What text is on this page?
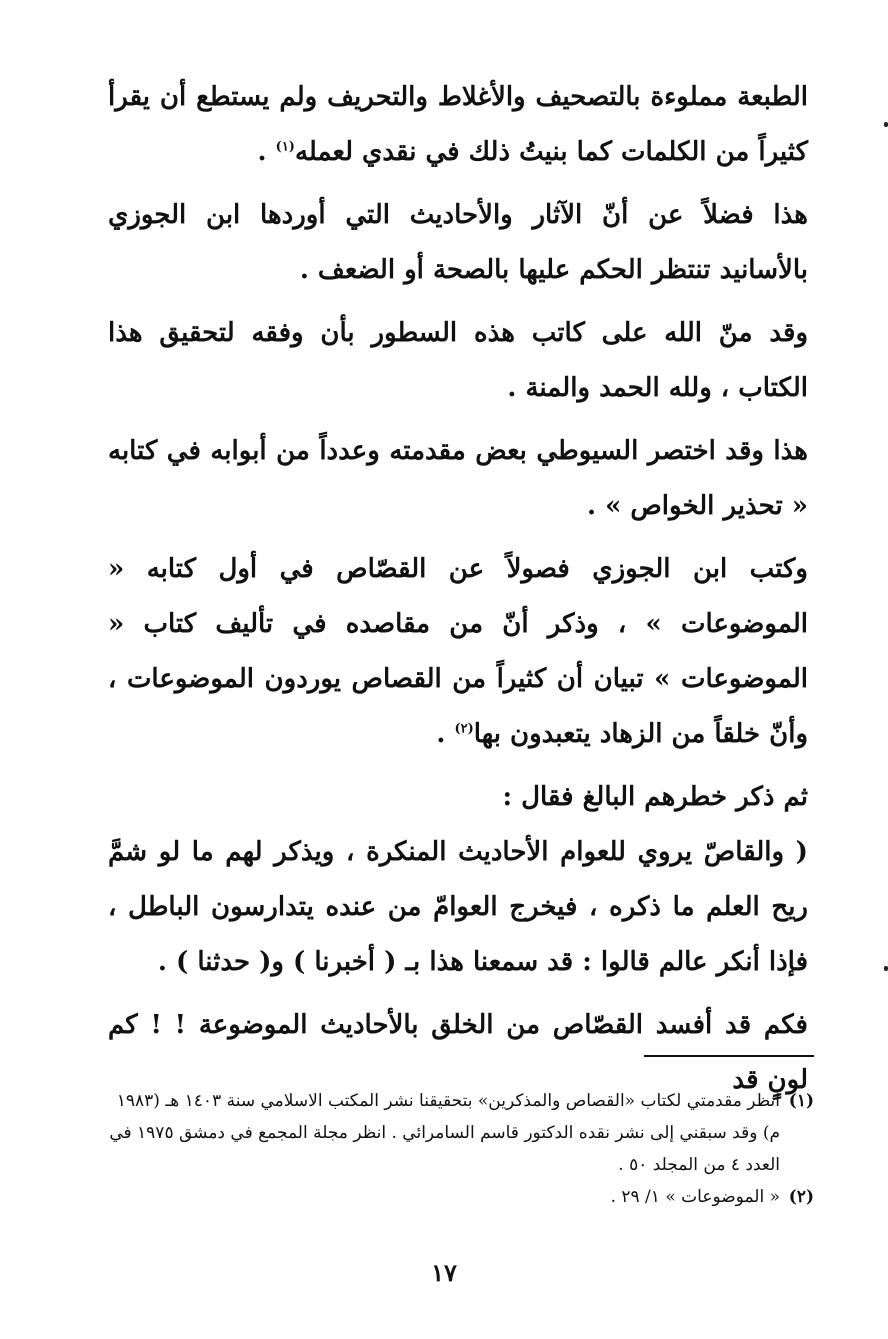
الطبعة مملوءة بالتصحيف والأغلاط والتحريف ولم يستطع أن يقرأ كثيراً من الكلمات كما بنيتُ ذلك في نقدي لعمله$^{(١)}$ .

هذا فضلاً عن أنّ الآثار والأحاديث التي أوردها ابن الجوزي بالأسانيد تنتظر الحكم عليها بالصحة أو الضعف .

وقد منّ الله على كاتب هذه السطور بأن وفقه لتحقيق هذا الكتاب ، ولله الحمد والمنة .

هذا وقد اختصر السيوطي بعض مقدمته وعدداً من أبوابه في كتابه « تحذير الخواص » .

وكتب ابن الجوزي فصولاً عن القصّاص في أول كتابه « الموضوعات » ، وذكر أنّ من مقاصده في تأليف كتاب « الموضوعات » تبيان أن كثيراً من القصاص يوردون الموضوعات ، وأنّ خلقاً من الزهاد يتعبدون بها$^{(٢)}$ .

ثم ذكر خطرهم البالغ فقال :

( والقاصّ يروي للعوام الأحاديث المنكرة ، ويذكر لهم ما لو شمَّ ريح العلم ما ذكره ، فيخرج العوامّ من عنده يتدارسون الباطل ، فإذا أنكر عالم قالوا : قد سمعنا هذا بـ ( أخبرنا ) و( حدثنا ) .

فكم قد أفسد القصّاص من الخلق بالأحاديث الموضوعة ! ! كم لونٍ قد

(١)
انظر مقدمتي لكتاب «القصاص والمذكرين» بتحقيقنا نشر المكتب الاسلامي سنة ١٤٠٣ هـ (١٩٨٣ م) وقد سبقني إلى نشر نقده الدكتور قاسم السامرائي . انظر مجلة المجمع في دمشق ١٩٧٥ في العدد ٤ من المجلد ٥٠ .
(٢)
« الموضوعات » ١/ ٢٩ .
١٧
